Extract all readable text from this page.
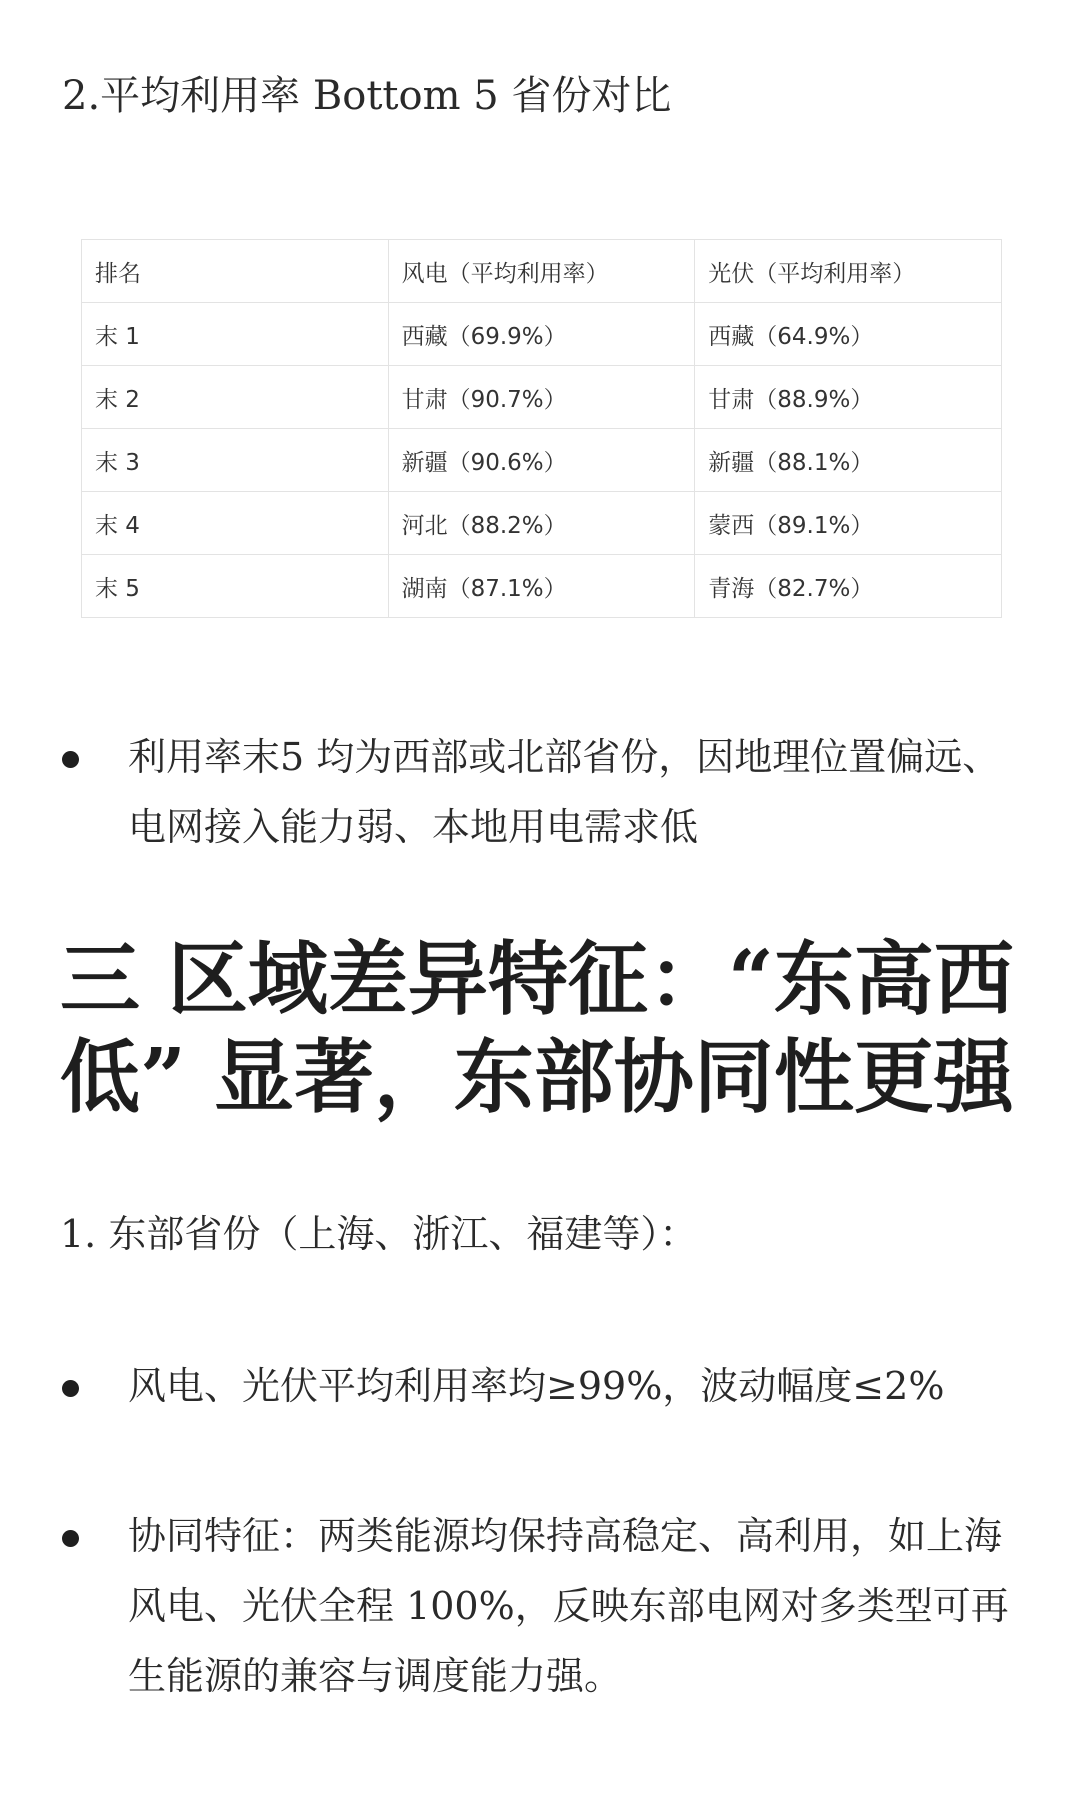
2.平均利用率 Bottom 5 省份对比
排名	风电（平均利用率）	光伏（平均利用率）
末 1	西藏（69.9%）	西藏（64.9%）
末 2	甘肃（90.7%）	甘肃（88.9%）
末 3	新疆（90.6%）	新疆（88.1%）
末 4	河北（88.2%）	蒙西（89.1%）
末 5	湖南（87.1%）	青海（82.7%）
利用率末5 均为西部或北部省份，因地理位置偏远、电网接入能力弱、本地用电需求低
三 区域差异特征：“东高西低” 显著，东部协同性更强

1. 东部省份（上海、浙江、福建等）：

风电、光伏平均利用率均≥99%，波动幅度≤2%
协同特征：两类能源均保持高稳定、高利用，如上海风电、光伏全程 100%，反映东部电网对多类型可再生能源的兼容与调度能力强。
